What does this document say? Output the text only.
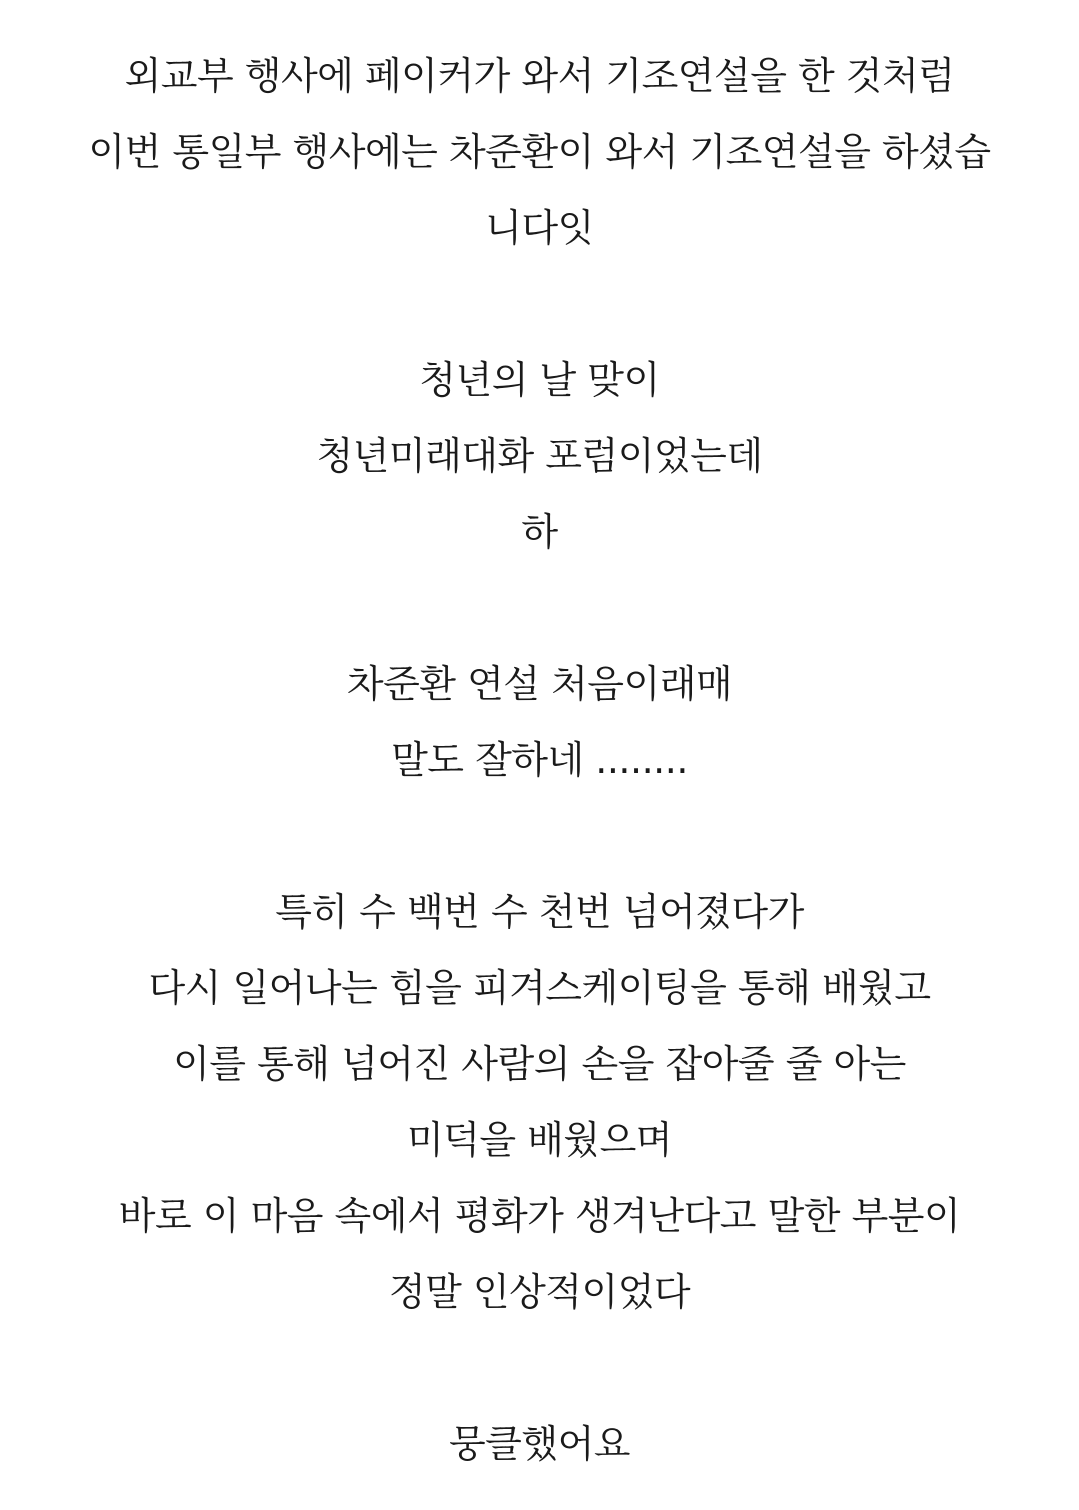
외교부 행사에 페이커가 와서 기조연설을 한 것처럼
이번 통일부 행사에는 차준환이 와서 기조연설을 하셨습
니다잇
청년의 날 맞이
청년미래대화 포럼이었는데
하
차준환 연설 처음이래매
말도 잘하네 ........
특히 수 백번 수 천번 넘어졌다가
다시 일어나는 힘을 피겨스케이팅을 통해 배웠고
이를 통해 넘어진 사람의 손을 잡아줄 줄 아는
미덕을 배웠으며
바로 이 마음 속에서 평화가 생겨난다고 말한 부분이
정말 인상적이었다
뭉클했어요
